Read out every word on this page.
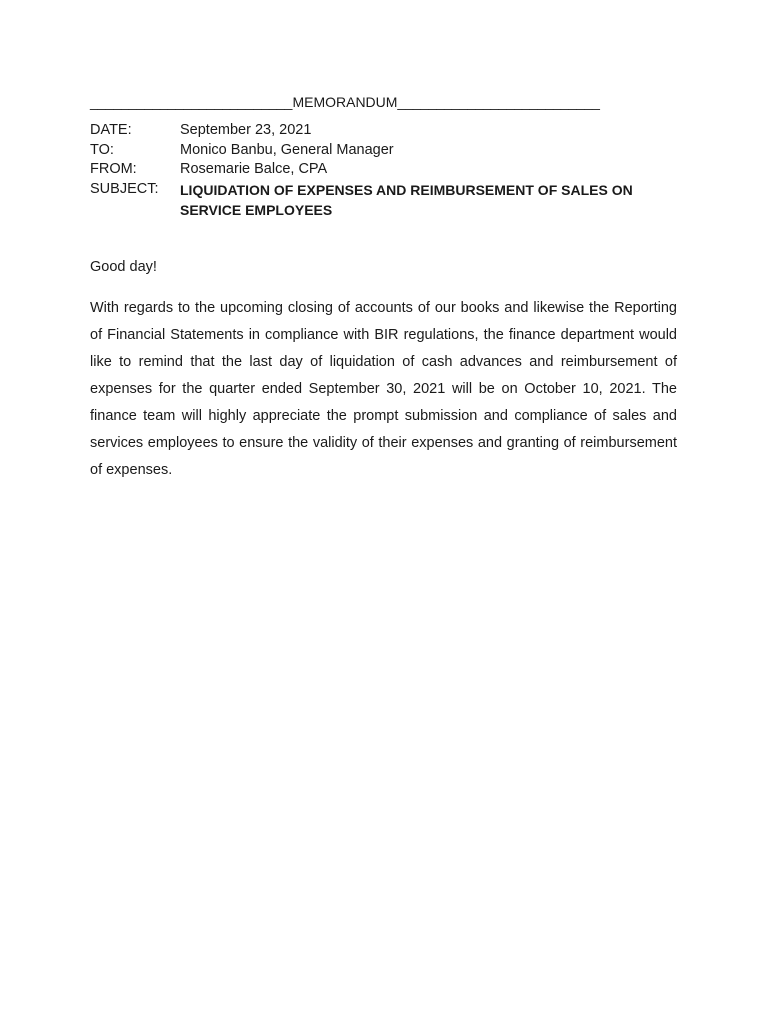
__________________________MEMORANDUM__________________________
DATE:	September 23, 2021
TO:	Monico Banbu, General Manager
FROM:	Rosemarie Balce, CPA
SUBJECT:	LIQUIDATION OF EXPENSES AND REIMBURSEMENT OF SALES ON SERVICE EMPLOYEES
Good day!

With regards to the upcoming closing of accounts of our books and likewise the Reporting of Financial Statements in compliance with BIR regulations, the finance department would like to remind that the last day of liquidation of cash advances and reimbursement of expenses for the quarter ended September 30, 2021 will be on October 10, 2021. The finance team will highly appreciate the prompt submission and compliance of sales and services employees to ensure the validity of their expenses and granting of reimbursement of expenses.
